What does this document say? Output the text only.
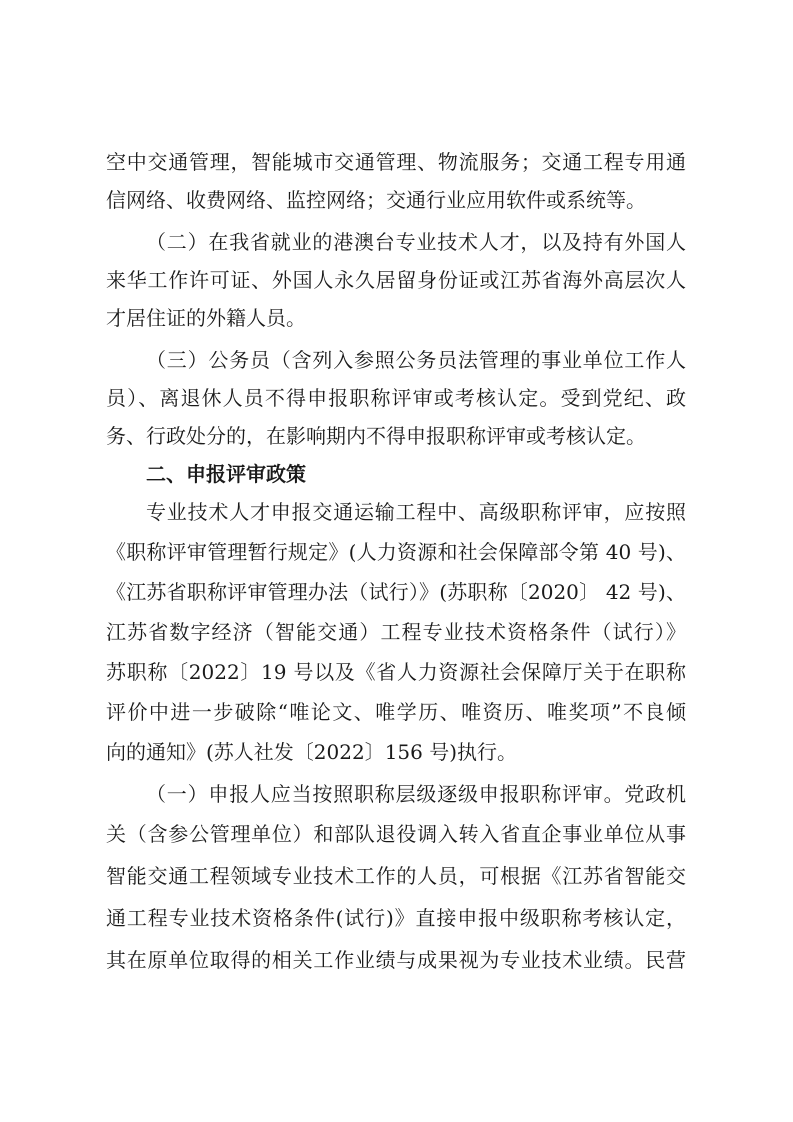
空中交通管理，智能城市交通管理、物流服务；交通工程专用通
信网络、收费网络、监控网络；交通行业应用软件或系统等。
（二）在我省就业的港澳台专业技术人才，以及持有外国人
来华工作许可证、外国人永久居留身份证或江苏省海外高层次人
才居住证的外籍人员。
（三）公务员（含列入参照公务员法管理的事业单位工作人
员）、离退休人员不得申报职称评审或考核认定。受到党纪、政
务、行政处分的，在影响期内不得申报职称评审或考核认定。
二、申报评审政策
专业技术人才申报交通运输工程中、高级职称评审，应按照
《职称评审管理暂行规定》(人力资源和社会保障部令第 40 号)、
《江苏省职称评审管理办法（试行）》(苏职称〔2020〕 42 号)、
江苏省数字经济（智能交通）工程专业技术资格条件（试行）》
苏职称〔2022〕19 号以及《省人力资源社会保障厅关于在职称
评价中进一步破除“唯论文、唯学历、唯资历、唯奖项”不良倾
向的通知》(苏人社发〔2022〕156 号)执行。
（一）申报人应当按照职称层级逐级申报职称评审。党政机
关（含参公管理单位）和部队退役调入转入省直企事业单位从事
智能交通工程领域专业技术工作的人员，可根据《江苏省智能交
通工程专业技术资格条件(试行)》直接申报中级职称考核认定，
其在原单位取得的相关工作业绩与成果视为专业技术业绩。民营
